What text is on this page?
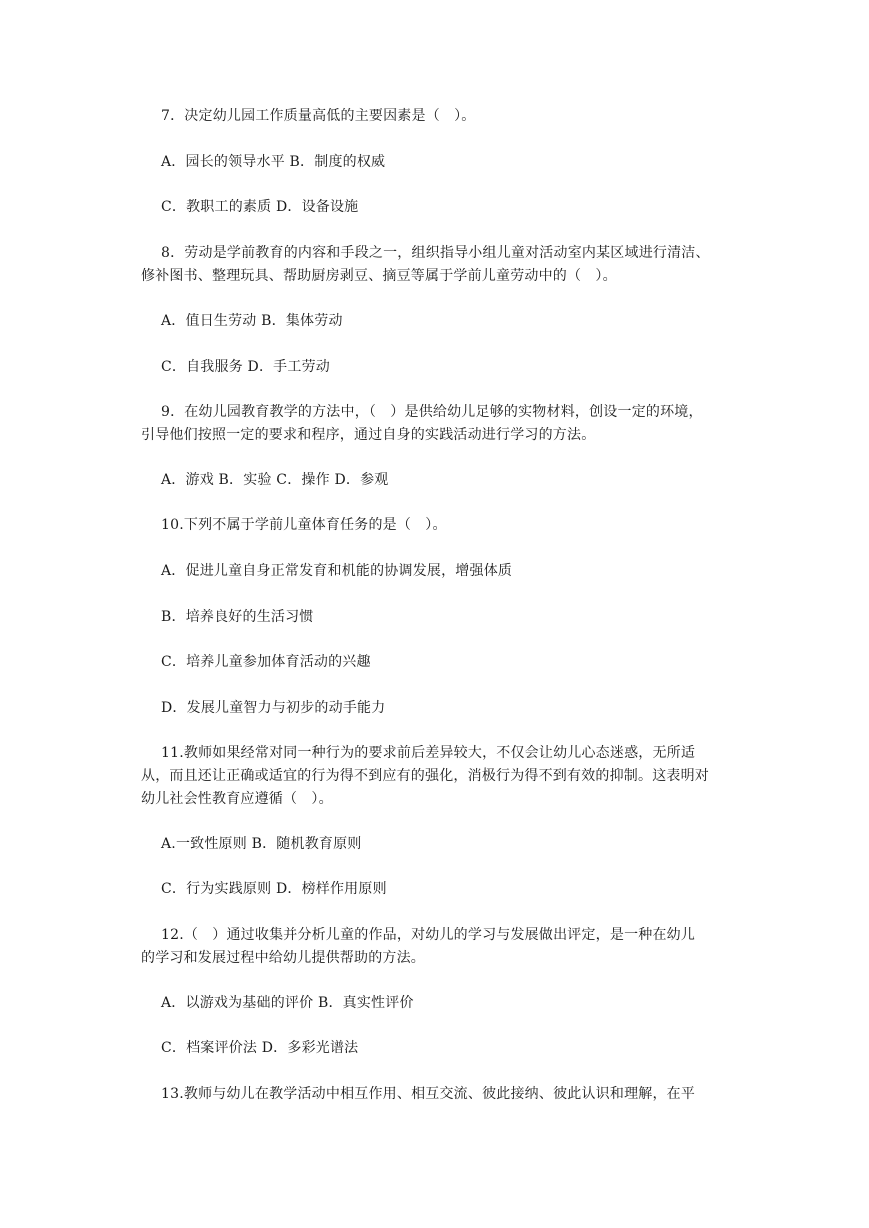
7．决定幼儿园工作质量高低的主要因素是（　）。
A．园长的领导水平 B．制度的权威
C．教职工的素质 D．设备设施
8．劳动是学前教育的内容和手段之一，组织指导小组儿童对活动室内某区域进行清洁、
修补图书、整理玩具、帮助厨房剥豆、摘豆等属于学前儿童劳动中的（　）。
A．值日生劳动 B．集体劳动
C．自我服务 D．手工劳动
9．在幼儿园教育教学的方法中，（　）是供给幼儿足够的实物材料，创设一定的环境，
引导他们按照一定的要求和程序，通过自身的实践活动进行学习的方法。
A．游戏 B．实验 C．操作 D．参观
10.下列不属于学前儿童体育任务的是（　）。
A．促进儿童自身正常发育和机能的协调发展，增强体质
B．培养良好的生活习惯
C．培养儿童参加体育活动的兴趣
D．发展儿童智力与初步的动手能力
11.教师如果经常对同一种行为的要求前后差异较大，不仅会让幼儿心态迷惑，无所适
从，而且还让正确或适宜的行为得不到应有的强化，消极行为得不到有效的抑制。这表明对
幼儿社会性教育应遵循（　）。
A.一致性原则 B．随机教育原则
C．行为实践原则 D．榜样作用原则
12.（　）通过收集并分析儿童的作品，对幼儿的学习与发展做出评定，是一种在幼儿
的学习和发展过程中给幼儿提供帮助的方法。
A．以游戏为基础的评价 B．真实性评价
C．档案评价法 D．多彩光谱法
13.教师与幼儿在教学活动中相互作用、相互交流、彼此接纳、彼此认识和理解，在平
